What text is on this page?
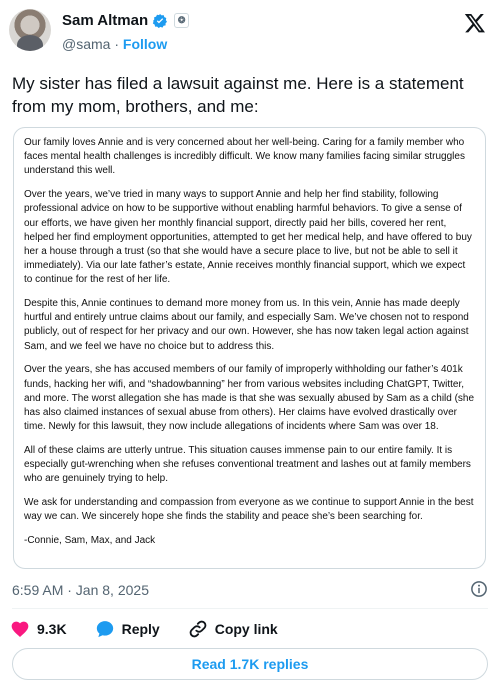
Sam Altman	❂
@sama · Follow
My sister has filed a lawsuit against me. Here is a statement from my mom, brothers, and me:

Our family loves Annie and is very concerned about her well-being. Caring for a family member who faces mental health challenges is incredibly difficult. We know many families facing similar struggles understand this well.

Over the years, we’ve tried in many ways to support Annie and help her find stability, following professional advice on how to be supportive without enabling harmful behaviors. To give a sense of our efforts, we have given her monthly financial support, directly paid her bills, covered her rent, helped her find employment opportunities, attempted to get her medical help, and have offered to buy her a house through a trust (so that she would have a secure place to live, but not be able to sell it immediately). Via our late father’s estate, Annie receives monthly financial support, which we expect to continue for the rest of her life.

Despite this, Annie continues to demand more money from us. In this vein, Annie has made deeply hurtful and entirely untrue claims about our family, and especially Sam. We’ve chosen not to respond publicly, out of respect for her privacy and our own. However, she has now taken legal action against Sam, and we feel we have no choice but to address this.

Over the years, she has accused members of our family of improperly withholding our father’s 401k funds, hacking her wifi, and “shadowbanning” her from various websites including ChatGPT, Twitter, and more. The worst allegation she has made is that she was sexually abused by Sam as a child (she has also claimed instances of sexual abuse from others). Her claims have evolved drastically over time. Newly for this lawsuit, they now include allegations of incidents where Sam was over 18.

All of these claims are utterly untrue. This situation causes immense pain to our entire family. It is especially gut-wrenching when she refuses conventional treatment and lashes out at family members who are genuinely trying to help.

We ask for understanding and compassion from everyone as we continue to support Annie in the best way we can. We sincerely hope she finds the stability and peace she’s been searching for.

-Connie, Sam, Max, and Jack

6:59 AM · Jan 8, 2025
9.3K	Reply	Copy link
Read 1.7K replies
